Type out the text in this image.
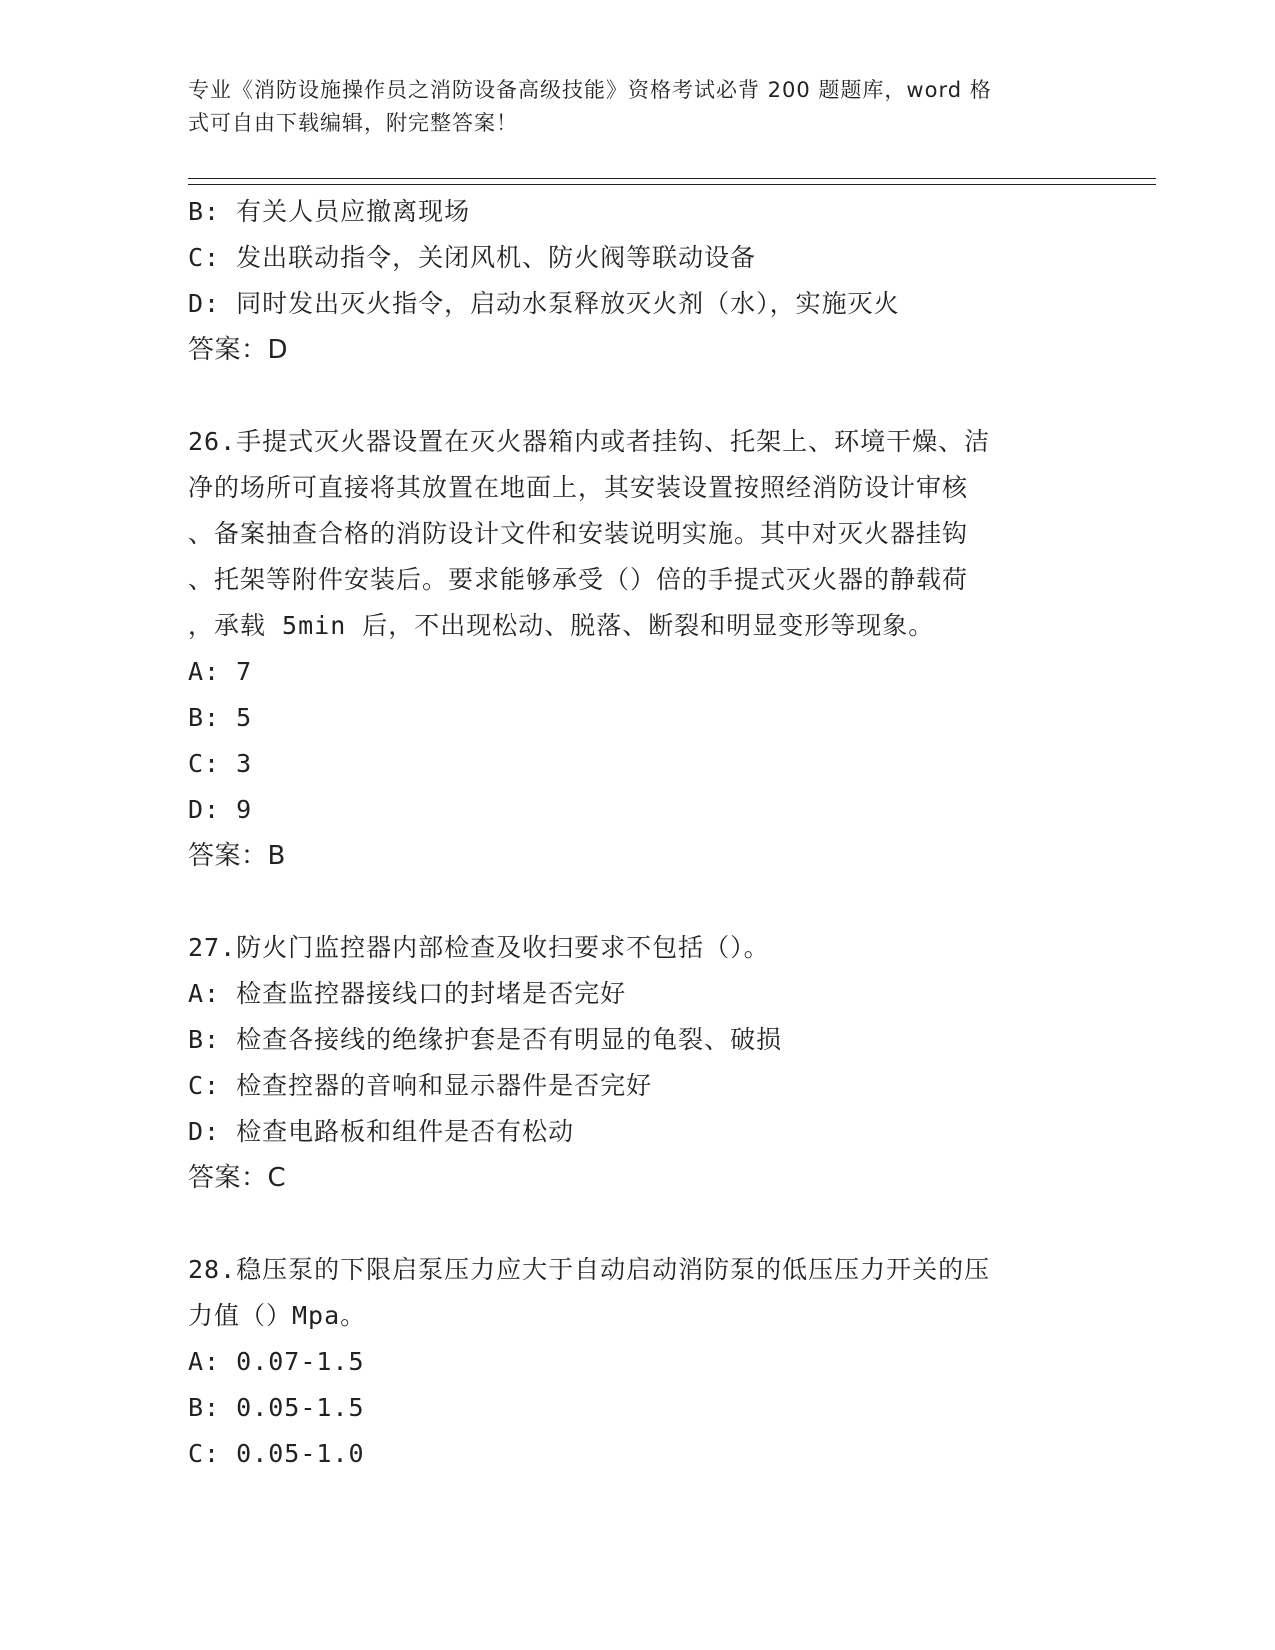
专业《消防设施操作员之消防设备高级技能》资格考试必背 200 题题库，word 格
式可自由下载编辑，附完整答案！
B: 有关人员应撤离现场
C: 发出联动指令，关闭风机、防火阀等联动设备
D: 同时发出灭火指令，启动水泵释放灭火剂（水），实施灭火
答案：D
26.手提式灭火器设置在灭火器箱内或者挂钩、托架上、环境干燥、洁
净的场所可直接将其放置在地面上，其安装设置按照经消防设计审核
、备案抽查合格的消防设计文件和安装说明实施。其中对灭火器挂钩
、托架等附件安装后。要求能够承受（）倍的手提式灭火器的静载荷
，承载 5min 后，不出现松动、脱落、断裂和明显变形等现象。
A: 7
B: 5
C: 3
D: 9
答案：B
27.防火门监控器内部检查及收扫要求不包括（）。
A: 检查监控器接线口的封堵是否完好
B: 检查各接线的绝缘护套是否有明显的龟裂、破损
C: 检查控器的音响和显示器件是否完好
D: 检查电路板和组件是否有松动
答案：C
28.稳压泵的下限启泵压力应大于自动启动消防泵的低压压力开关的压
力值（）Mpa。
A: 0.07-1.5
B: 0.05-1.5
C: 0.05-1.0
